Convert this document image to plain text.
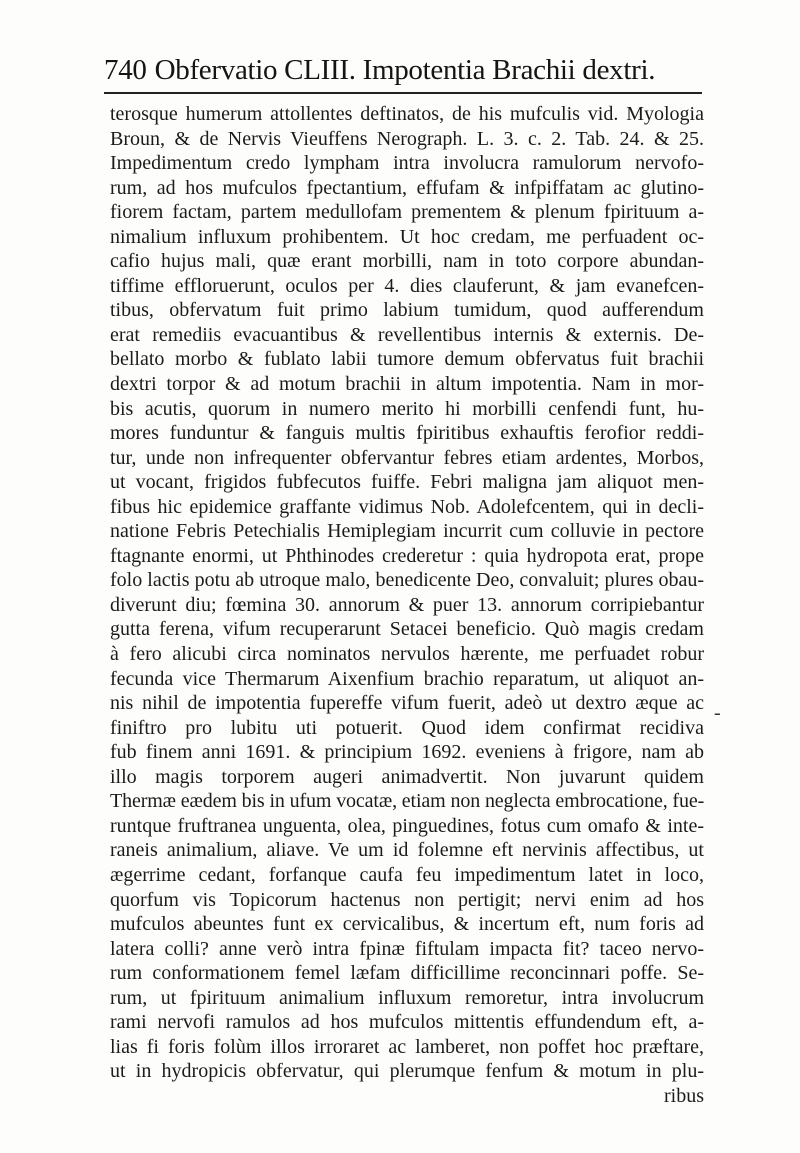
740 Obfervatio CLIII. Impotentia Brachii dextri.
terosque humerum attollentes deftinatos, de his mufculis vid. Myologia
Broun, & de Nervis Vieuffens Nerograph. L. 3. c. 2. Tab. 24. & 25.
Impedimentum credo lympham intra involucra ramulorum nervofo-
rum, ad hos mufculos fpectantium, effufam & infpiffatam ac glutino-
fiorem factam, partem medullofam prementem & plenum fpirituum a-
nimalium influxum prohibentem. Ut hoc credam, me perfuadent oc-
cafio hujus mali, quæ erant morbilli, nam in toto corpore abundan-
tiffime effloruerunt, oculos per 4. dies clauferunt, & jam evanefcen-
tibus, obfervatum fuit primo labium tumidum, quod aufferendum
erat remediis evacuantibus & revellentibus internis & externis. De-
bellato morbo & fublato labii tumore demum obfervatus fuit brachii
dextri torpor & ad motum brachii in altum impotentia. Nam in mor-
bis acutis, quorum in numero merito hi morbilli cenfendi funt, hu-
mores funduntur & fanguis multis fpiritibus exhauftis ferofior reddi-
tur, unde non infrequenter obfervantur febres etiam ardentes, Morbos,
ut vocant, frigidos fubfecutos fuiffe. Febri maligna jam aliquot men-
fibus hic epidemice graffante vidimus Nob. Adolefcentem, qui in decli-
natione Febris Petechialis Hemiplegiam incurrit cum colluvie in pectore
ftagnante enormi, ut Phthinodes crederetur : quia hydropota erat, prope
folo lactis potu ab utroque malo, benedicente Deo, convaluit; plures obau-
diverunt diu; fœmina 30. annorum & puer 13. annorum corripiebantur
gutta ferena, vifum recuperarunt Setacei beneficio. Quò magis credam
à fero alicubi circa nominatos nervulos hærente, me perfuadet robur
fecunda vice Thermarum Aixenfium brachio reparatum, ut aliquot an-
nis nihil de impotentia fupereffe vifum fuerit, adeò ut dextro æque ac
finiftro pro lubitu uti potuerit. Quod idem confirmat recidiva
fub finem anni 1691. & principium 1692. eveniens à frigore, nam ab
illo magis torporem augeri animadvertit. Non juvarunt quidem
Thermæ eædem bis in ufum vocatæ, etiam non neglecta embrocatione, fue-
runtque fruftranea unguenta, olea, pinguedines, fotus cum omafo & inte-
raneis animalium, aliave. Ve um id folemne eft nervinis affectibus, ut
ægerrime cedant, forfanque caufa feu impedimentum latet in loco,
quorfum vis Topicorum hactenus non pertigit; nervi enim ad hos
mufculos abeuntes funt ex cervicalibus, & incertum eft, num foris ad
latera colli? anne verò intra fpinæ fiftulam impacta fit? taceo nervo-
rum conformationem femel læfam difficillime reconcinnari poffe. Se-
rum, ut fpirituum animalium influxum remoretur, intra involucrum
rami nervofi ramulos ad hos mufculos mittentis effundendum eft, a-
lias fi foris folùm illos irroraret ac lamberet, non poffet hoc præftare,
ut in hydropicis obfervatur, qui plerumque fenfum & motum in plu-
ribus
-
